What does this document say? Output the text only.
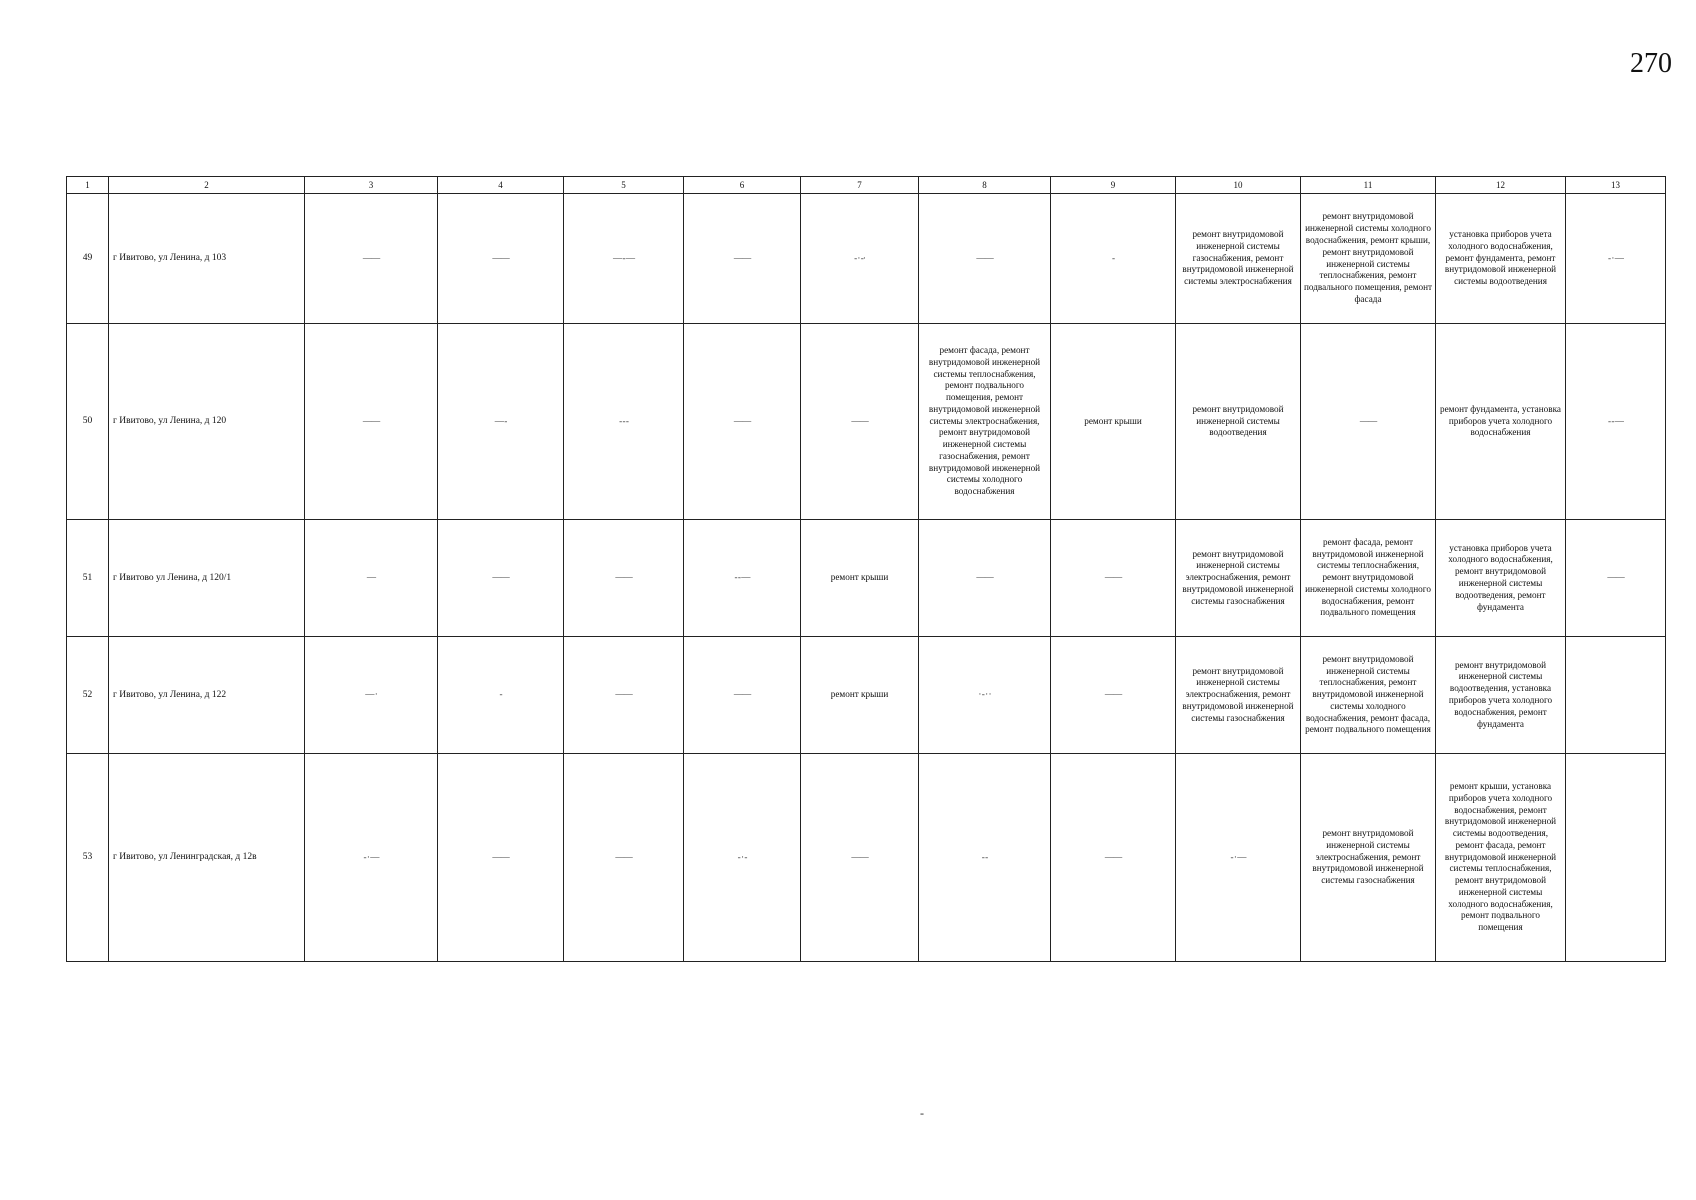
270
1	2	3	4	5	6	7	8	9	10	11	12	13
49	г Ивитово, ул Ленина, д 103	——	——	— - —	——	- · -·	——	-	ремонт внутридомовой инженерной системы газоснабжения, ремонт внутридомовой инженерной системы электроснабжения	ремонт внутридомовой инженерной системы холодного водоснабжения, ремонт крыши, ремонт внутридомовой инженерной системы теплоснабжения, ремонт подвального помещения, ремонт фасада	установка приборов учета холодного водоснабжения, ремонт фундамента, ремонт внутридомовой инженерной системы водоотведения	- · —
50	г Ивитово, ул Ленина, д 120	——	— -	- - -	——	——	ремонт фасада, ремонт внутридомовой инженерной системы теплоснабжения, ремонт подвального помещения, ремонт внутридомовой инженерной системы электроснабжения, ремонт внутридомовой инженерной системы газоснабжения, ремонт внутридомовой инженерной системы холодного водоснабжения	ремонт крыши	ремонт внутридомовой инженерной системы водоотведения	——	ремонт фундамента, установка приборов учета холодного водоснабжения	- - —
51	г Ивитово ул Ленина, д 120/1	—	——	——	- - —	ремонт крыши	——	——	ремонт внутридомовой инженерной системы электроснабжения, ремонт внутридомовой инженерной системы газоснабжения	ремонт фасада, ремонт внутридомовой инженерной системы теплоснабжения, ремонт внутридомовой инженерной системы холодного водоснабжения, ремонт подвального помещения	установка приборов учета холодного водоснабжения, ремонт внутридомовой инженерной системы водоотведения, ремонт фундамента	——
52	г Ивитово, ул Ленина, д 122	— ·	-	——	——	ремонт крыши	· - · ·	——	ремонт внутридомовой инженерной системы электроснабжения, ремонт внутридомовой инженерной системы газоснабжения	ремонт внутридомовой инженерной системы теплоснабжения, ремонт внутридомовой инженерной системы холодного водоснабжения, ремонт фасада, ремонт подвального помещения	ремонт внутридомовой инженерной системы водоотведения, установка приборов учета холодного водоснабжения, ремонт фундамента	
53	г Ивитово, ул Ленинградская, д 12в	- · —	——	——	- · -	——	- -	——	- · —	ремонт внутридомовой инженерной системы электроснабжения, ремонт внутридомовой инженерной системы газоснабжения	ремонт крыши, установка приборов учета холодного водоснабжения, ремонт внутридомовой инженерной системы водоотведения, ремонт фасада, ремонт внутридомовой инженерной системы теплоснабжения, ремонт внутридомовой инженерной системы холодного водоснабжения, ремонт подвального помещения	
-
